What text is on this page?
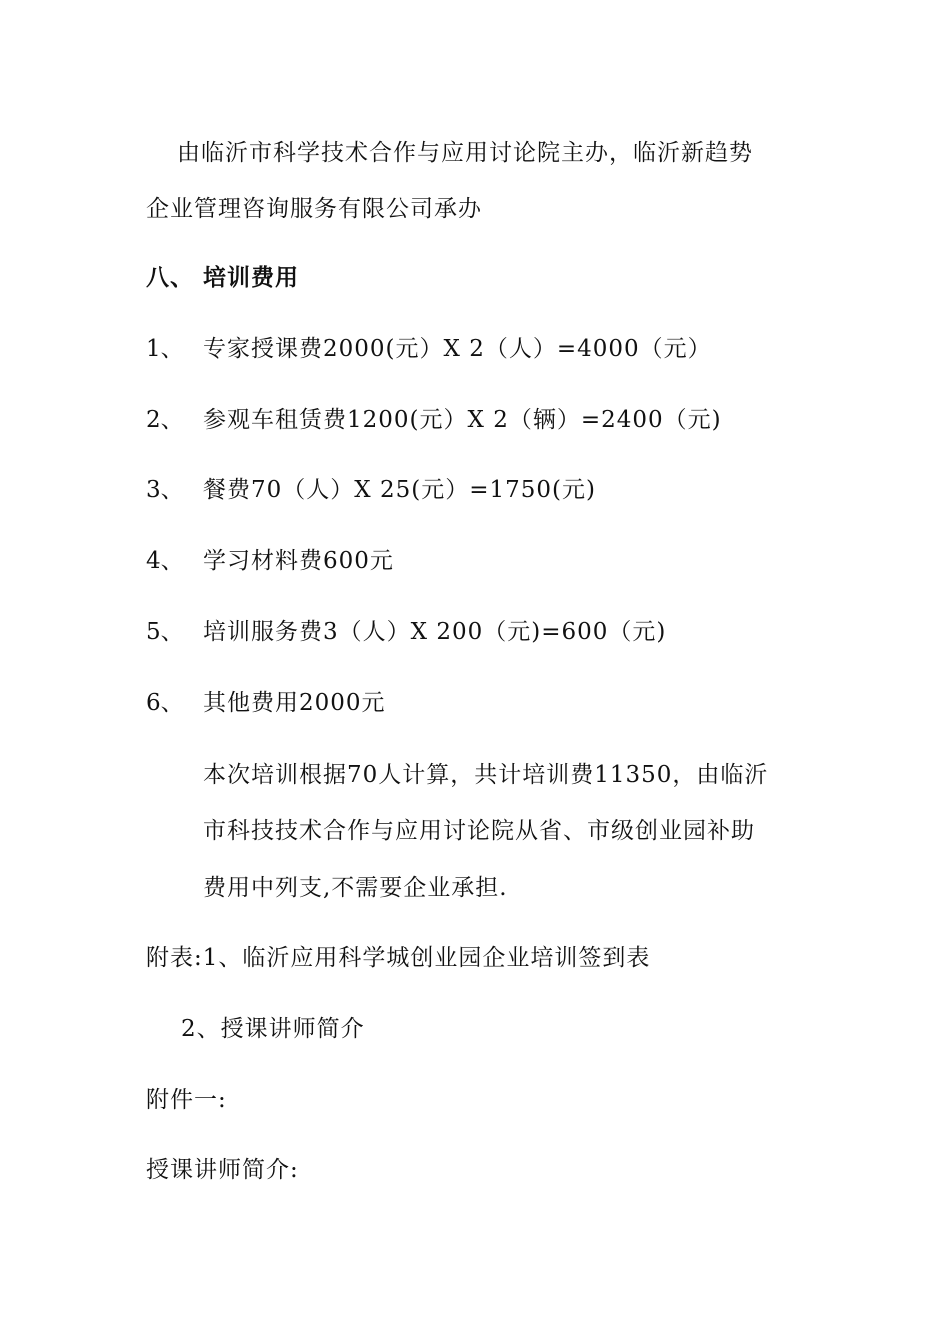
由临沂市科学技术合作与应用讨论院主办，临沂新趋势
企业管理咨询服务有限公司承办
八、 培训费用
1、 专家授课费2000(元）X 2（人）=4000（元）
2、 参观车租赁费1200(元）X 2（辆）=2400（元)
3、 餐费70（人）X 25(元）=1750(元)
4、 学习材料费600元
5、 培训服务费3（人）X 200（元)=600（元)
6、 其他费用2000元
本次培训根据70人计算，共计培训费11350，由临沂
市科技技术合作与应用讨论院从省、市级创业园补助
费用中列支,不需要企业承担.
附表:1、临沂应用科学城创业园企业培训签到表
2、授课讲师简介
附件一:
授课讲师简介:
